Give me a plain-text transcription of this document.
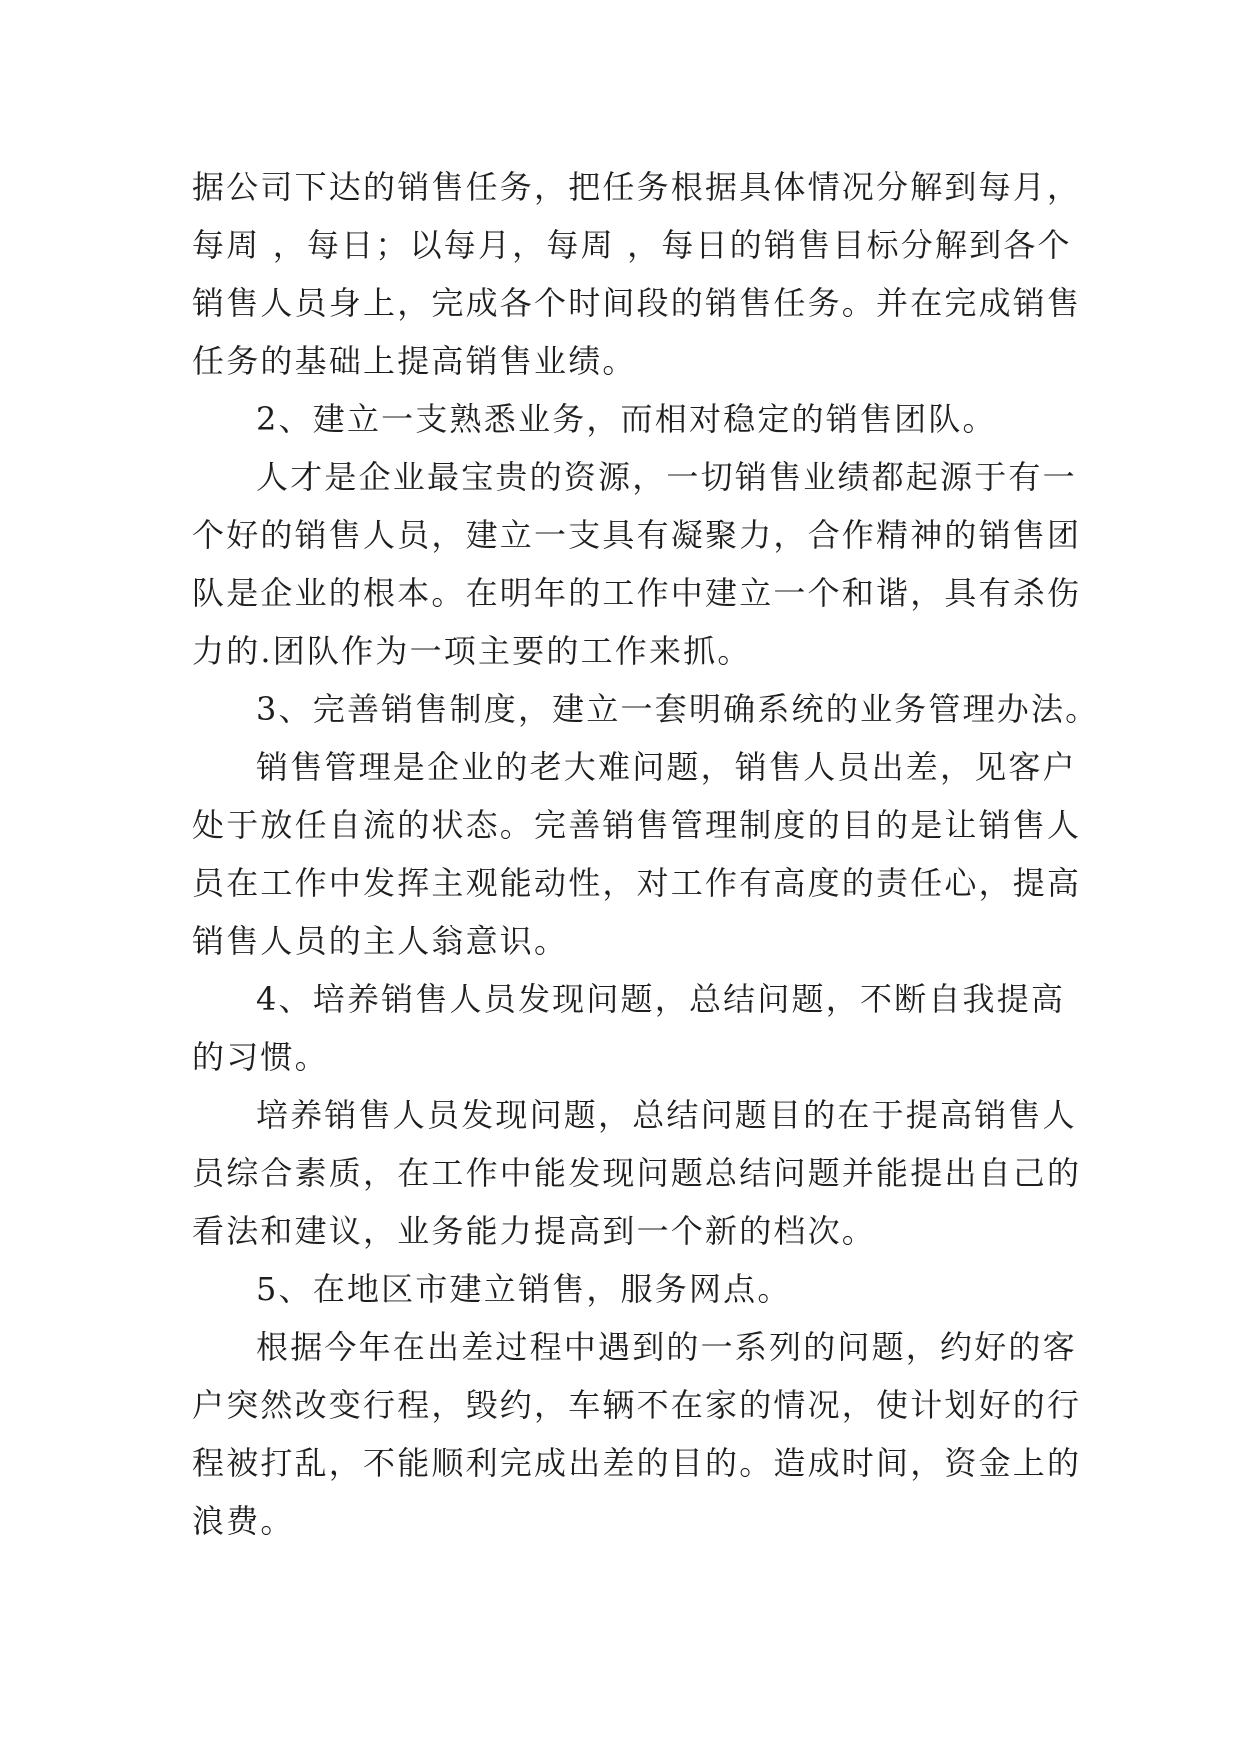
据公司下达的销售任务，把任务根据具体情况分解到每月，
每周 ，每日；以每月，每周 ，每日的销售目标分解到各个
销售人员身上，完成各个时间段的销售任务。并在完成销售
任务的基础上提高销售业绩。
2、建立一支熟悉业务，而相对稳定的销售团队。
人才是企业最宝贵的资源，一切销售业绩都起源于有一
个好的销售人员，建立一支具有凝聚力，合作精神的销售团
队是企业的根本。在明年的工作中建立一个和谐，具有杀伤
力的.团队作为一项主要的工作来抓。
3、完善销售制度，建立一套明确系统的业务管理办法。
销售管理是企业的老大难问题，销售人员出差，见客户
处于放任自流的状态。完善销售管理制度的目的是让销售人
员在工作中发挥主观能动性，对工作有高度的责任心，提高
销售人员的主人翁意识。
4、培养销售人员发现问题，总结问题，不断自我提高
的习惯。
培养销售人员发现问题，总结问题目的在于提高销售人
员综合素质，在工作中能发现问题总结问题并能提出自己的
看法和建议，业务能力提高到一个新的档次。
5、在地区市建立销售，服务网点。
根据今年在出差过程中遇到的一系列的问题，约好的客
户突然改变行程，毁约，车辆不在家的情况，使计划好的行
程被打乱，不能顺利完成出差的目的。造成时间，资金上的
浪费。
